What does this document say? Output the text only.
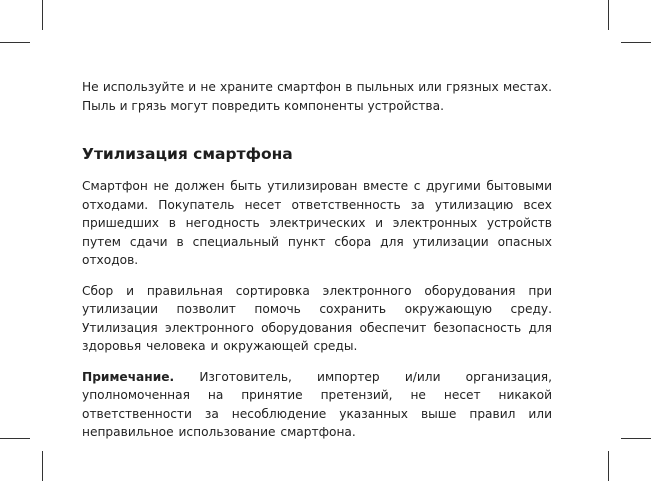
Не используйте и не храните смартфон в пыльных или грязных местах. Пыль и грязь могут повредить компоненты устройства.

Утилизация смартфона

Смартфон не должен быть утилизирован вместе с другими бытовыми отходами. Покупатель несет ответственность за утилизацию всех пришедших в негодность электрических и электронных устройств путем сдачи в специальный пункт сбора для утилизации опасных отходов.

Сбор и правильная сортировка электронного оборудования при утилизации позволит помочь сохранить окружающую среду. Утилизация электронного оборудования обеспечит безопасность для здоровья человека и окружающей среды.

Примечание. Изготовитель, импортер и/или организация, уполномоченная на принятие претензий, не несет никакой ответственности за несоблюдение указанных выше правил или неправильное использование смартфона.
